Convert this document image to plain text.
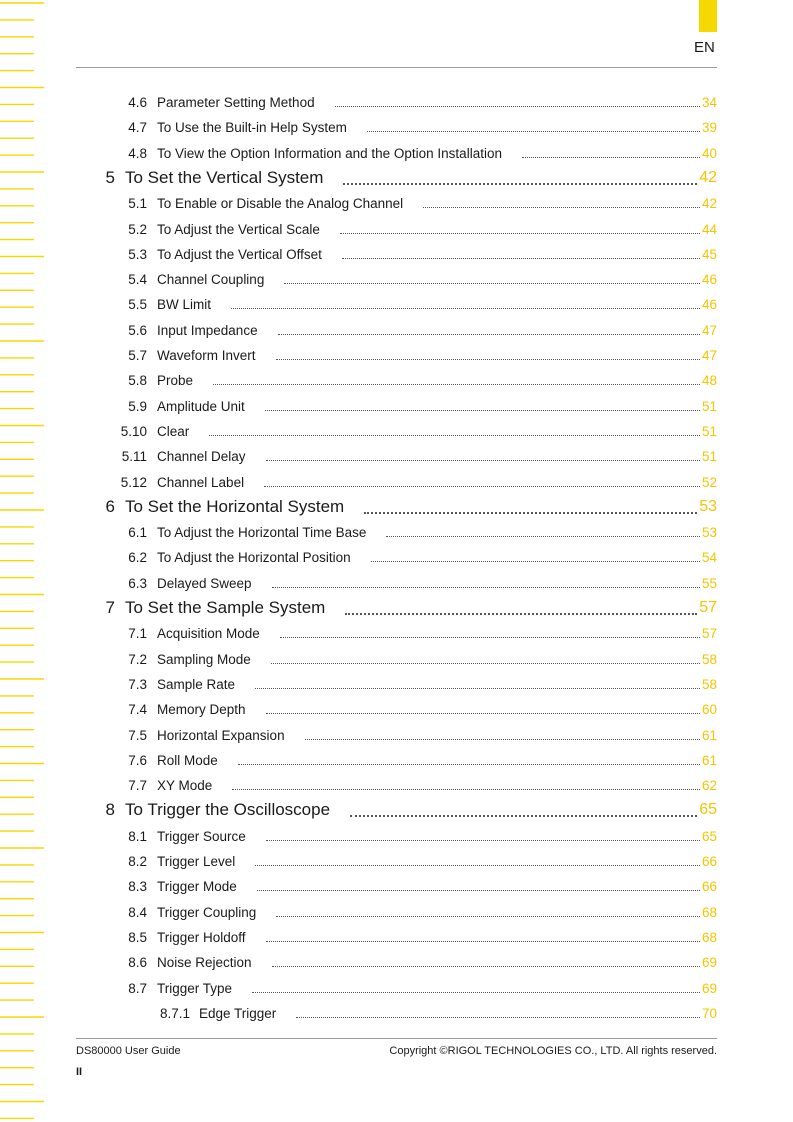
EN
4.6 Parameter Setting Method	34
4.7 To Use the Built-in Help System	39
4.8 To View the Option Information and the Option Installation	40
5 To Set the Vertical System	42
5.1 To Enable or Disable the Analog Channel	42
5.2 To Adjust the Vertical Scale	44
5.3 To Adjust the Vertical Offset	45
5.4 Channel Coupling	46
5.5 BW Limit	46
5.6 Input Impedance	47
5.7 Waveform Invert	47
5.8 Probe	48
5.9 Amplitude Unit	51
5.10 Clear	51
5.11 Channel Delay	51
5.12 Channel Label	52
6 To Set the Horizontal System	53
6.1 To Adjust the Horizontal Time Base	53
6.2 To Adjust the Horizontal Position	54
6.3 Delayed Sweep	55
7 To Set the Sample System	57
7.1 Acquisition Mode	57
7.2 Sampling Mode	58
7.3 Sample Rate	58
7.4 Memory Depth	60
7.5 Horizontal Expansion	61
7.6 Roll Mode	61
7.7 XY Mode	62
8 To Trigger the Oscilloscope	65
8.1 Trigger Source	65
8.2 Trigger Level	66
8.3 Trigger Mode	66
8.4 Trigger Coupling	68
8.5 Trigger Holdoff	68
8.6 Noise Rejection	69
8.7 Trigger Type	69
8.7.1 Edge Trigger	70
DS80000 User Guide	Copyright ©RIGOL TECHNOLOGIES CO., LTD. All rights reserved.
II
